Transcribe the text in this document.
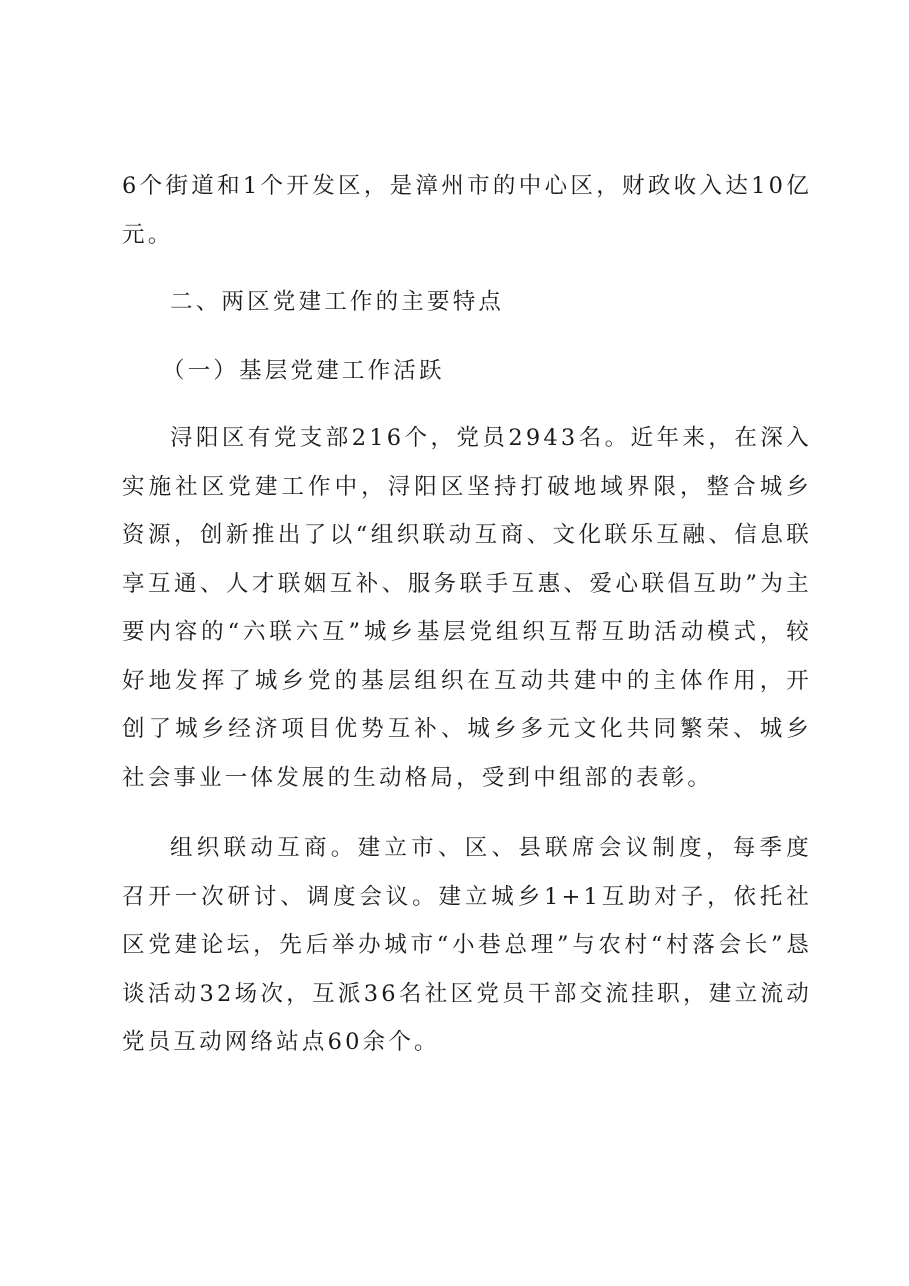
6个街道和1个开发区，是漳州市的中心区，财政收入达10亿元。

二、两区党建工作的主要特点

（一）基层党建工作活跃

浔阳区有党支部216个，党员2943名。近年来，在深入实施社区党建工作中，浔阳区坚持打破地域界限，整合城乡资源，创新推出了以“组织联动互商、文化联乐互融、信息联享互通、人才联姻互补、服务联手互惠、爱心联倡互助”为主要内容的“六联六互”城乡基层党组织互帮互助活动模式，较好地发挥了城乡党的基层组织在互动共建中的主体作用，开创了城乡经济项目优势互补、城乡多元文化共同繁荣、城乡社会事业一体发展的生动格局，受到中组部的表彰。

组织联动互商。建立市、区、县联席会议制度，每季度召开一次研讨、调度会议。建立城乡1+1互助对子，依托社区党建论坛，先后举办城市“小巷总理”与农村“村落会长”恳谈活动32场次，互派36名社区党员干部交流挂职，建立流动党员互动网络站点60余个。
